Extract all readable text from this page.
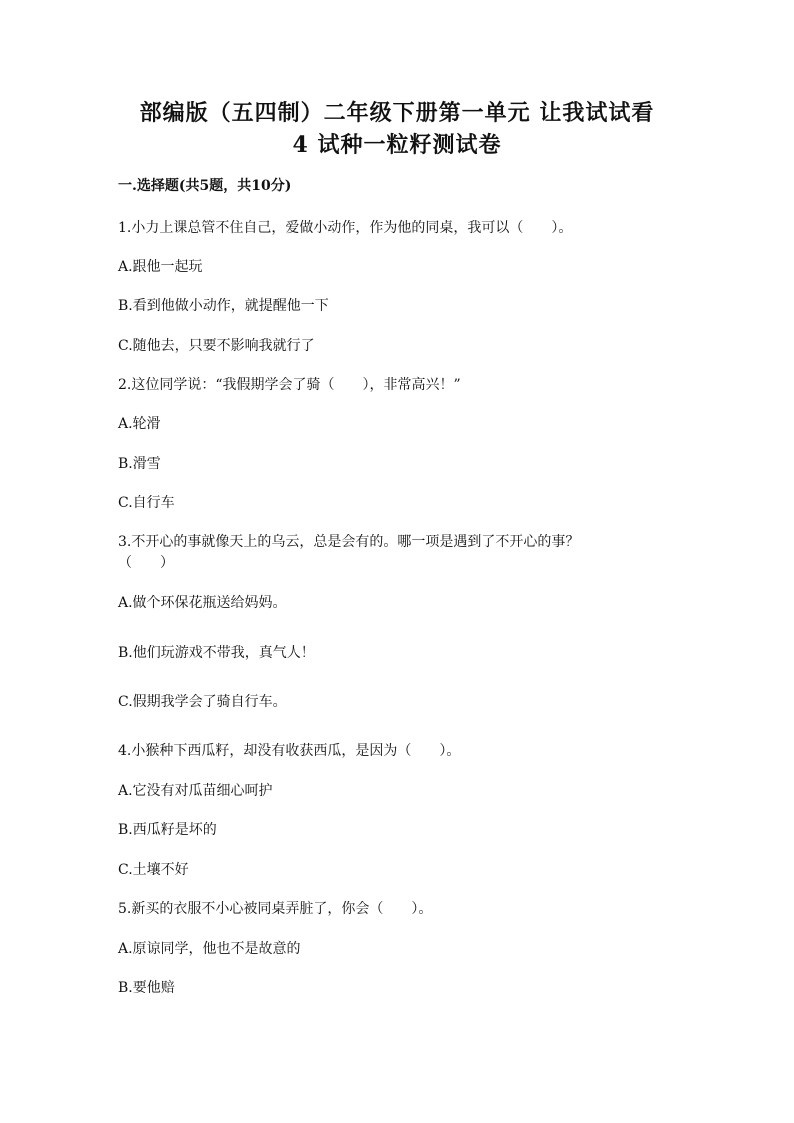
部编版（五四制）二年级下册第一单元 让我试试看
4 试种一粒籽测试卷
一.选择题(共5题，共10分)
1.小力上课总管不住自己，爱做小动作，作为他的同桌，我可以（　　）。
A.跟他一起玩
B.看到他做小动作，就提醒他一下
C.随他去，只要不影响我就行了
2.这位同学说：“我假期学会了骑（　　），非常高兴！”
A.轮滑
B.滑雪
C.自行车
3.不开心的事就像天上的乌云，总是会有的。哪一项是遇到了不开心的事？
（　　）
A.做个环保花瓶送给妈妈。
B.他们玩游戏不带我，真气人！
C.假期我学会了骑自行车。
4.小猴种下西瓜籽，却没有收获西瓜，是因为（　　）。
A.它没有对瓜苗细心呵护
B.西瓜籽是坏的
C.土壤不好
5.新买的衣服不小心被同桌弄脏了，你会（　　）。
A.原谅同学，他也不是故意的
B.要他赔
